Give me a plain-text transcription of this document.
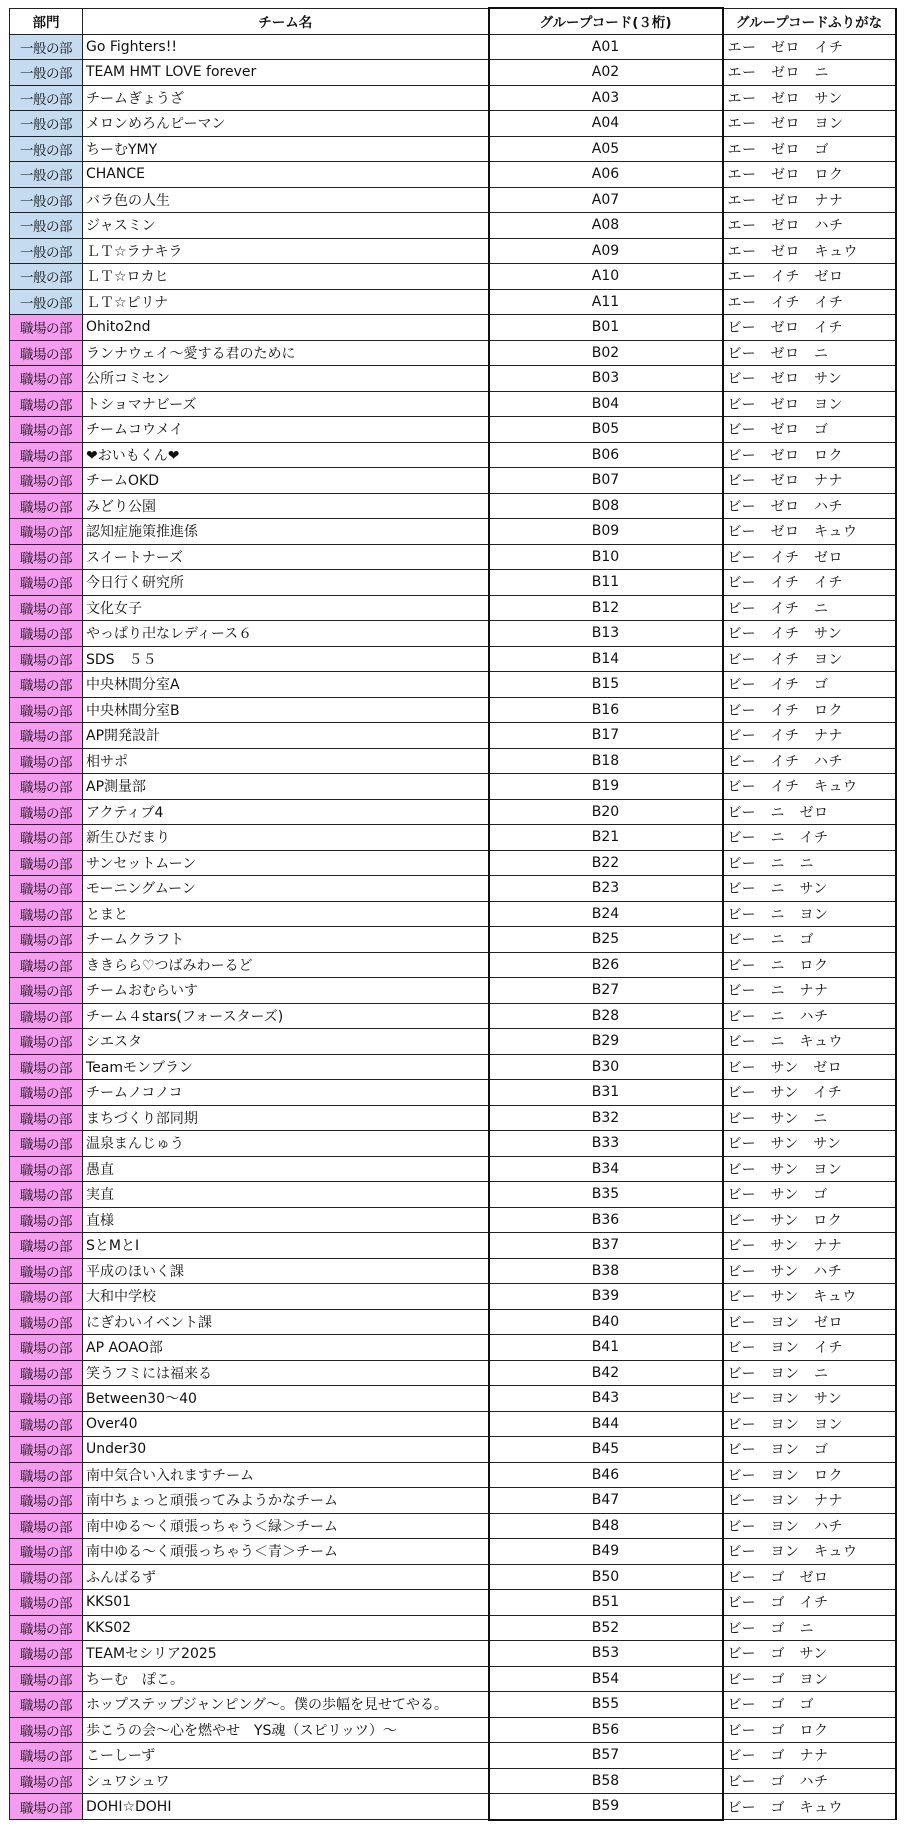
部門	チーム名	グループコード(３桁)	グループコードふりがな
一般の部	Go Fighters!!	A01	エー　ゼロ　イチ
一般の部	TEAM HMT LOVE forever	A02	エー　ゼロ　ニ
一般の部	チームぎょうざ	A03	エー　ゼロ　サン
一般の部	メロンめろんピーマン	A04	エー　ゼロ　ヨン
一般の部	ちーむYMY	A05	エー　ゼロ　ゴ
一般の部	CHANCE	A06	エー　ゼロ　ロク
一般の部	バラ色の人生	A07	エー　ゼロ　ナナ
一般の部	ジャスミン	A08	エー　ゼロ　ハチ
一般の部	ＬＴ☆ラナキラ	A09	エー　ゼロ　キュウ
一般の部	ＬＴ☆ロカヒ	A10	エー　イチ　ゼロ
一般の部	ＬＴ☆ピリナ	A11	エー　イチ　イチ
職場の部	Ohito2nd	B01	ビー　ゼロ　イチ
職場の部	ランナウェイ～愛する君のために	B02	ビー　ゼロ　ニ
職場の部	公所コミセン	B03	ビー　ゼロ　サン
職場の部	トショマナビーズ	B04	ビー　ゼロ　ヨン
職場の部	チームコウメイ	B05	ビー　ゼロ　ゴ
職場の部	❤おいもくん❤	B06	ビー　ゼロ　ロク
職場の部	チームOKD	B07	ビー　ゼロ　ナナ
職場の部	みどり公園	B08	ビー　ゼロ　ハチ
職場の部	認知症施策推進係	B09	ビー　ゼロ　キュウ
職場の部	スイートナーズ	B10	ビー　イチ　ゼロ
職場の部	今日行く研究所	B11	ビー　イチ　イチ
職場の部	文化女子	B12	ビー　イチ　ニ
職場の部	やっぱり卍なレディース６	B13	ビー　イチ　サン
職場の部	SDS　５５	B14	ビー　イチ　ヨン
職場の部	中央林間分室A	B15	ビー　イチ　ゴ
職場の部	中央林間分室B	B16	ビー　イチ　ロク
職場の部	AP開発設計	B17	ビー　イチ　ナナ
職場の部	相サポ	B18	ビー　イチ　ハチ
職場の部	AP測量部	B19	ビー　イチ　キュウ
職場の部	アクティブ4	B20	ビー　ニ　ゼロ
職場の部	新生ひだまり	B21	ビー　ニ　イチ
職場の部	サンセットムーン	B22	ビー　ニ　ニ
職場の部	モーニングムーン	B23	ビー　ニ　サン
職場の部	とまと	B24	ビー　ニ　ヨン
職場の部	チームクラフト	B25	ビー　ニ　ゴ
職場の部	ききらら♡つばみわーるど	B26	ビー　ニ　ロク
職場の部	チームおむらいす	B27	ビー　ニ　ナナ
職場の部	チーム４stars(フォースターズ)	B28	ビー　ニ　ハチ
職場の部	シエスタ	B29	ビー　ニ　キュウ
職場の部	Teamモンブラン	B30	ビー　サン　ゼロ
職場の部	チームノコノコ	B31	ビー　サン　イチ
職場の部	まちづくり部同期	B32	ビー　サン　ニ
職場の部	温泉まんじゅう	B33	ビー　サン　サン
職場の部	愚直	B34	ビー　サン　ヨン
職場の部	実直	B35	ビー　サン　ゴ
職場の部	直様	B36	ビー　サン　ロク
職場の部	SとMとI	B37	ビー　サン　ナナ
職場の部	平成のほいく課	B38	ビー　サン　ハチ
職場の部	大和中学校	B39	ビー　サン　キュウ
職場の部	にぎわいイベント課	B40	ビー　ヨン　ゼロ
職場の部	AP AOAO部	B41	ビー　ヨン　イチ
職場の部	笑うフミには福来る	B42	ビー　ヨン　ニ
職場の部	Between30～40	B43	ビー　ヨン　サン
職場の部	Over40	B44	ビー　ヨン　ヨン
職場の部	Under30	B45	ビー　ヨン　ゴ
職場の部	南中気合い入れますチーム	B46	ビー　ヨン　ロク
職場の部	南中ちょっと頑張ってみようかなチーム	B47	ビー　ヨン　ナナ
職場の部	南中ゆる～く頑張っちゃう＜緑＞チーム	B48	ビー　ヨン　ハチ
職場の部	南中ゆる～く頑張っちゃう＜青＞チーム	B49	ビー　ヨン　キュウ
職場の部	ふんばるず	B50	ビー　ゴ　ゼロ
職場の部	KKS01	B51	ビー　ゴ　イチ
職場の部	KKS02	B52	ビー　ゴ　ニ
職場の部	TEAMセシリア2025	B53	ビー　ゴ　サン
職場の部	ちーむ　ぽこ。	B54	ビー　ゴ　ヨン
職場の部	ホップステップジャンピング～。僕の歩幅を見せてやる。	B55	ビー　ゴ　ゴ
職場の部	歩こうの会～心を燃やせ　YS魂（スピリッツ）～	B56	ビー　ゴ　ロク
職場の部	こーしーず	B57	ビー　ゴ　ナナ
職場の部	シュワシュワ	B58	ビー　ゴ　ハチ
職場の部	DOHI☆DOHI	B59	ビー　ゴ　キュウ
